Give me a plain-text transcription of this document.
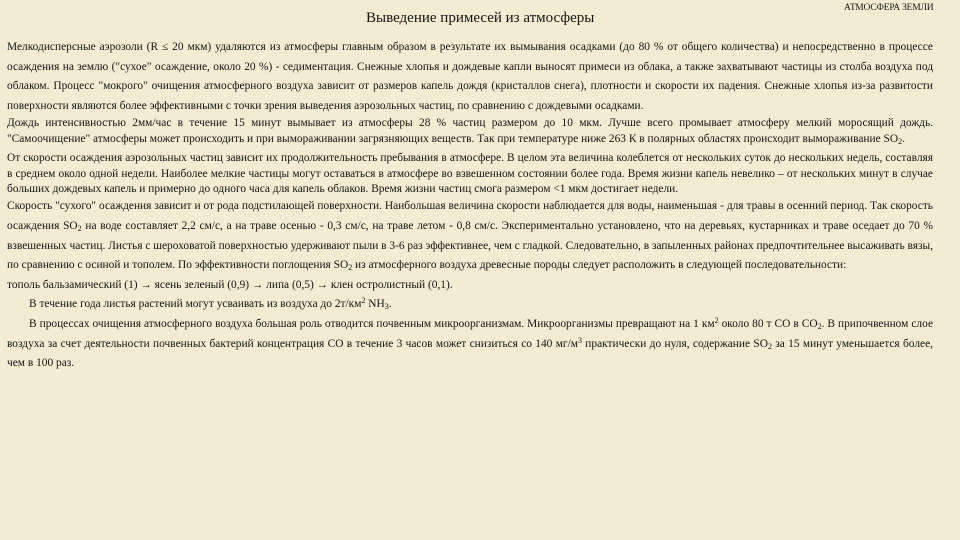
Выведение примесей из атмосферы
АТМОСФЕРА ЗЕМЛИ

Мелкодисперсные аэрозоли (R ≤ 20 мкм) удаляются из атмосферы главным образом в результате их вымывания осадками (до 80 % от общего количества) и непосредственно в процессе осаждения на землю ("сухое" осаждение, около 20 %) - седиментация. Снежные хлопья и дождевые капли выносят примеси из облака, а также захватывают частицы из столба воздуха под облаком. Процесс "мокрого" очищения атмосферного воздуха зависит от размеров капель дождя (кристаллов снега), плотности и скорости их падения. Снежные хлопья из-за развитости поверхности являются более эффективными с точки зрения выведения аэрозольных частиц, по сравнению с дождевыми осадками.

Дождь интенсивностью 2мм/час в течение 15 минут вымывает из атмосферы 28 % частиц размером до 10 мкм. Лучше всего промывает атмосферу мелкий моросящий дождь. "Самоочищение" атмосферы может происходить и при вымораживании загрязняющих веществ. Так при температуре ниже 263 К в полярных областях происходит вымораживание $SO_2$.

От скорости осаждения аэрозольных частиц зависит их продолжительность пребывания в атмосфере. В целом эта величина колеблется от нескольких суток до нескольких недель, составляя в среднем около одной недели. Наиболее мелкие частицы могут оставаться в атмосфере во взвешенном состоянии более года. Время жизни капель невелико – от нескольких минут в случае больших дождевых капель и примерно до одного часа для капель облаков. Время жизни частиц смога размером <1 мкм достигает недели.

Скорость "сухого" осаждения зависит и от рода подстилающей поверхности. Наибольшая величина скорости наблюдается для воды, наименьшая - для травы в осенний период. Так скорость осаждения $SO_2$ на воде составляет 2,2 см/с, а на траве осенью - 0,3 см/с, на траве летом - 0,8 см/с. Экспериментально установлено, что на деревьях, кустарниках и траве оседает до 70 % взвешенных частиц. Листья с шероховатой поверхностью удерживают пыли в 3-6 раз эффективнее, чем с гладкой. Следовательно, в запыленных районах предпочтительнее высаживать вязы, по сравнению с осиной и тополем. По эффективности поглощения $SO_2$ из атмосферного воздуха древесные породы следует расположить в следующей последовательности:

тополь бальзамический (1) → ясень зеленый (0,9) → липа (0,5) → клен остролистный (0,1).

В течение года листья растений могут усваивать из воздуха до $2т/км^2$ $NH_3$.

В процессах очищения атмосферного воздуха большая роль отводится почвенным микроорганизмам. Микроорганизмы превращают на 1 $км^2$ около 80 т СО в $СО_2$. В припочвенном слое воздуха за счет деятельности почвенных бактерий концентрация СО в течение 3 часов может снизиться со 140 $мг/м^3$ практически до нуля, содержание $SO_2$ за 15 минут уменьшается более, чем в 100 раз.
